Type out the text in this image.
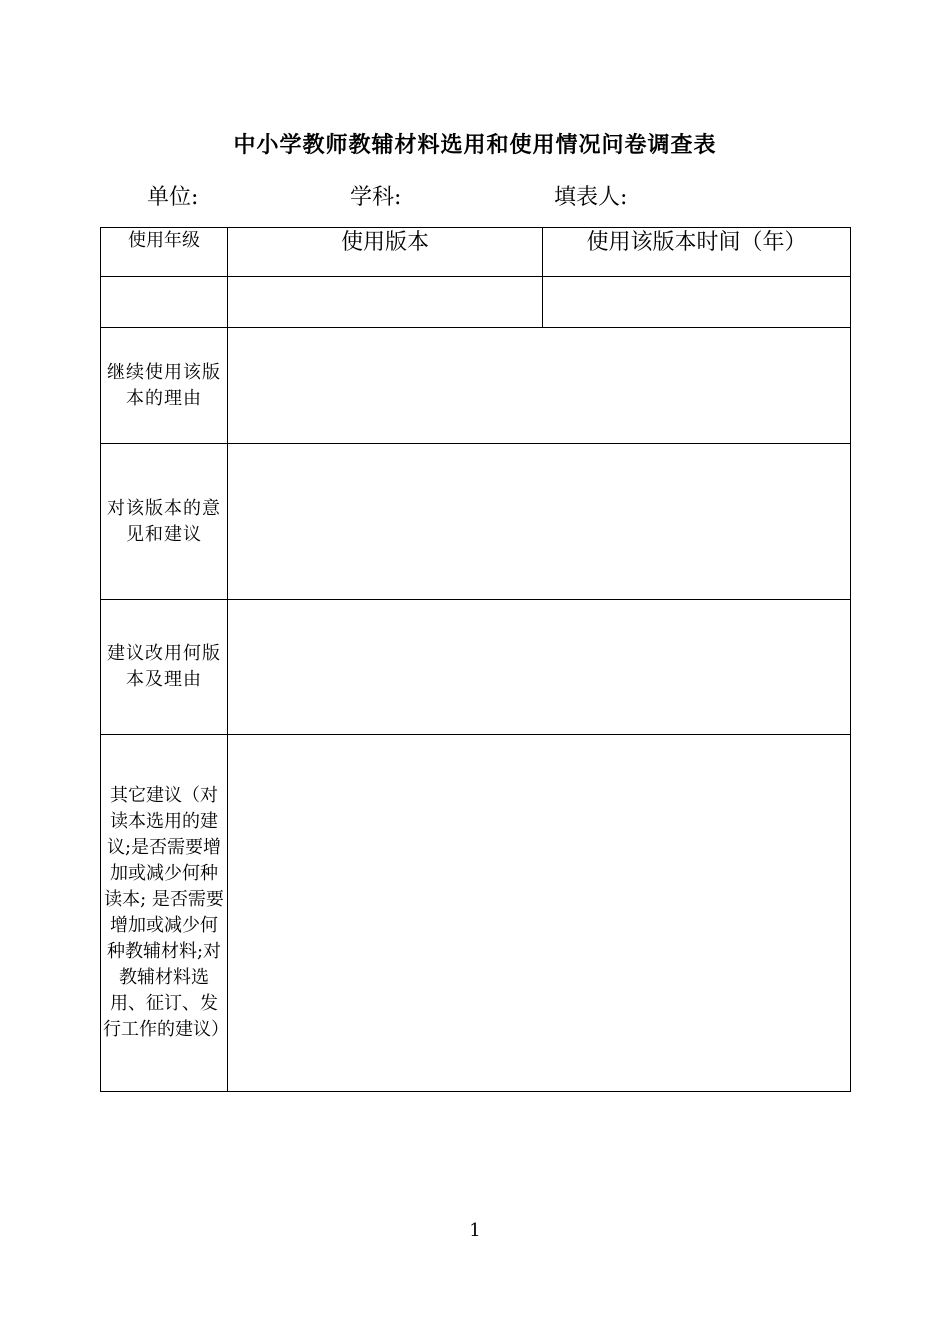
中小学教师教辅材料选用和使用情况问卷调查表
单位:	学科:	填表人:
使用年级	使用版本	使用该版本时间（年）

继续使用该版本的理由		
对该版本的意见和建议		
建议改用何版本及理由		
其它建议（对读本选用的建议;是否需要增加或减少何种读本; 是否需要增加或减少何种教辅材料;对教辅材料选用、征订、发行工作的建议）		
1
